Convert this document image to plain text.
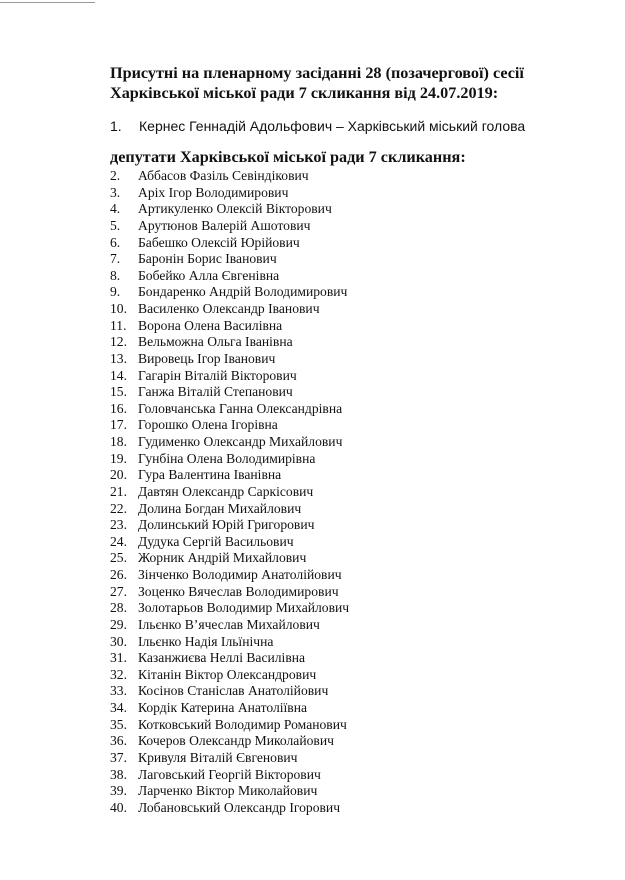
Присутні на пленарному засіданні 28 (позачергової) сесії
Харківської міської ради 7 скликання від 24.07.2019:
1. Кернес Геннадій Адольфович – Харківський міський голова
депутати Харківської міської ради 7 скликання:
2. Аббасов Фазіль Севіндікович
3. Аріх Ігор Володимирович
4. Артикуленко Олексій Вікторович
5. Арутюнов Валерій Ашотович
6. Бабешко Олексій Юрійович
7. Баронін Борис Іванович
8. Бобейко Алла Євгенівна
9. Бондаренко Андрій Володимирович
10. Василенко Олександр Іванович
11. Ворона Олена Василівна
12. Вельможна Ольга Іванівна
13. Вировець Ігор Іванович
14. Гагарін Віталій Вікторович
15. Ганжа Віталій Степанович
16. Головчанська Ганна Олександрівна
17. Горошко Олена Ігорівна
18. Гудименко Олександр Михайлович
19. Гунбіна Олена Володимирівна
20. Гура Валентина Іванівна
21. Давтян Олександр Саркісович
22. Долина Богдан Михайлович
23. Долинський Юрій Григорович
24. Дудука Сергій Васильович
25. Жорник Андрій Михайлович
26. Зінченко Володимир Анатолійович
27. Зоценко Вячеслав Володимирович
28. Золотарьов Володимир Михайлович
29. Ільєнко В’ячеслав Михайлович
30. Ільєнко Надія Ільїнічна
31. Казанжиєва Неллі Василівна
32. Кітанін Віктор Олександрович
33. Косінов Станіслав Анатолійович
34. Кордік Катерина Анатоліївна
35. Котковський Володимир Романович
36. Кочеров Олександр Миколайович
37. Кривуля Віталій Євгенович
38. Лаговський Георгій Вікторович
39. Ларченко Віктор Миколайович
40. Лобановський Олександр Ігорович
